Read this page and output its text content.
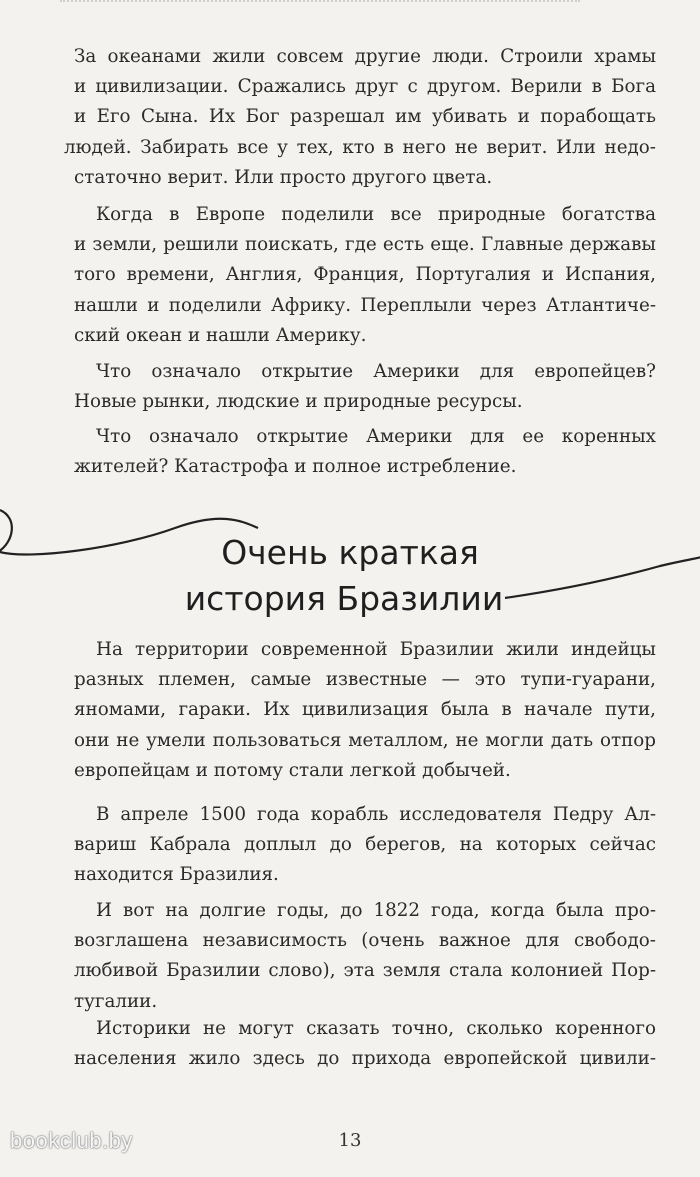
За океанами жили совсем другие люди. Строили храмы
и цивилизации. Сражались друг с другом. Верили в Бога
и Его Сына. Их Бог разрешал им убивать и порабощать
людей. Забирать все у тех, кто в него не верит. Или недо-
статочно верит. Или просто другого цвета.
Когда в Европе поделили все природные богатства
и земли, решили поискать, где есть еще. Главные державы
того времени, Англия, Франция, Португалия и Испания,
нашли и поделили Африку. Переплыли через Атлантиче-
ский океан и нашли Америку.
Что означало открытие Америки для европейцев?
Новые рынки, людские и природные ресурсы.
Что означало открытие Америки для ее коренных
жителей? Катастрофа и полное истребление.
Очень краткая
история Бразилии
На территории современной Бразилии жили индейцы
разных племен, самые известные — это тупи-гуарани,
яномами, гараки. Их цивилизация была в начале пути,
они не умели пользоваться металлом, не могли дать отпор
европейцам и потому стали легкой добычей.
В апреле 1500 года корабль исследователя Педру Ал-
вариш Кабрала доплыл до берегов, на которых сейчас
находится Бразилия.
И вот на долгие годы, до 1822 года, когда была про-
возглашена независимость (очень важное для свободо-
любивой Бразилии слово), эта земля стала колонией Пор-
тугалии.
Историки не могут сказать точно, сколько коренного
населения жило здесь до прихода европейской цивили-
bookclub.by	13
